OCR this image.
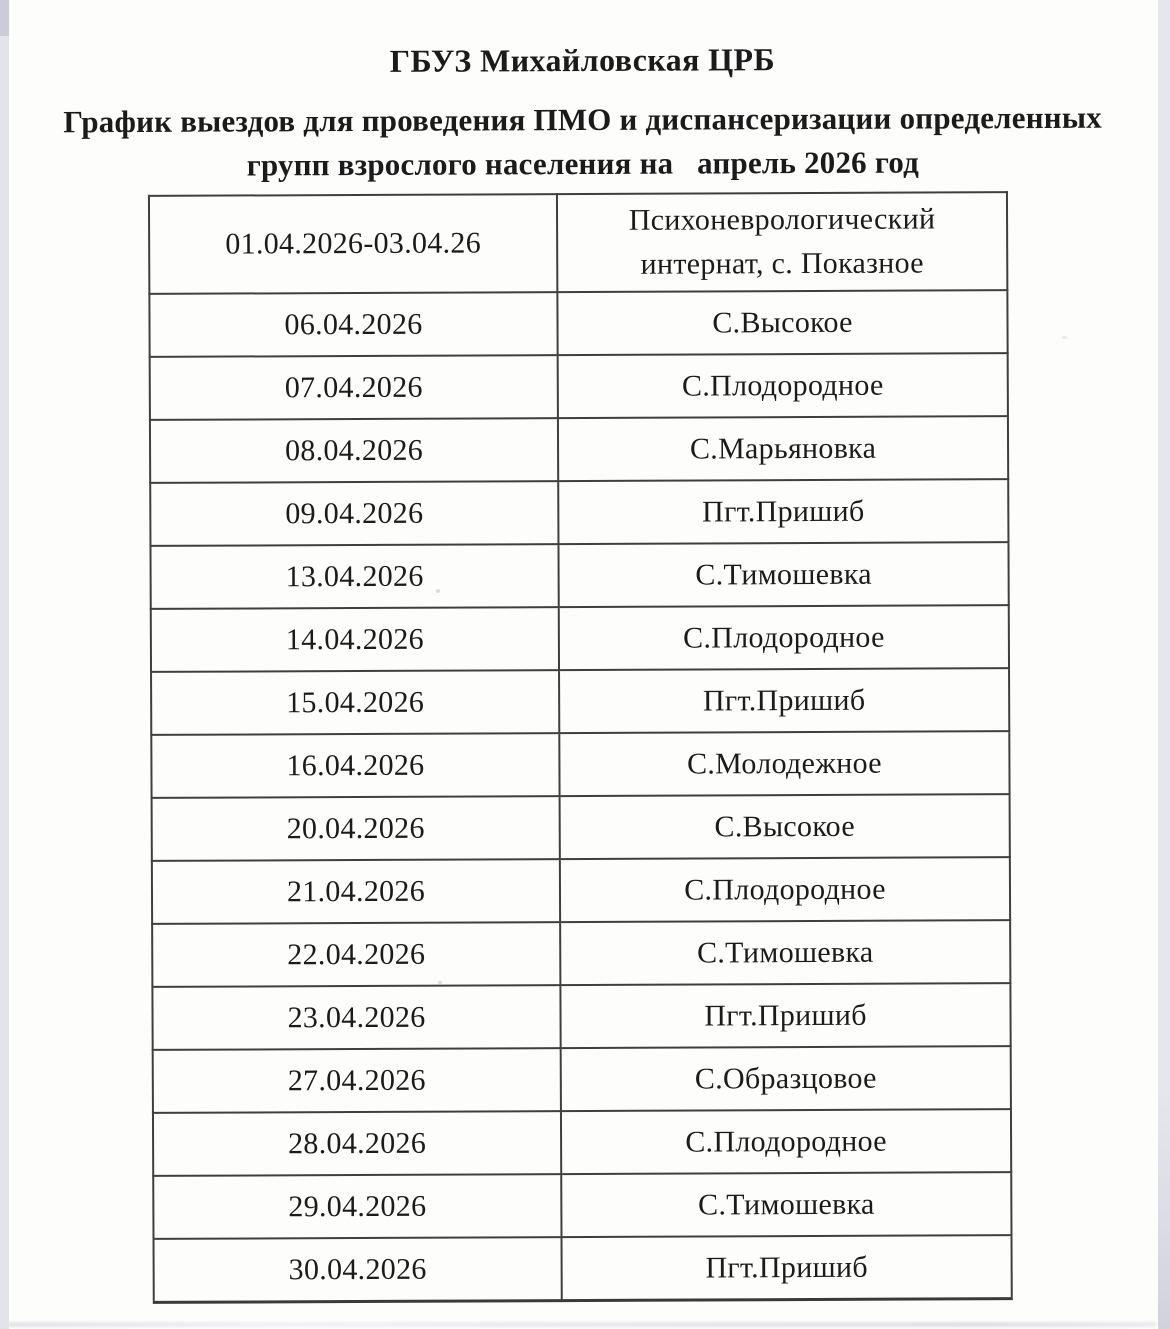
ГБУЗ Михайловская ЦРБ
График выездов для проведения ПМО и диспансеризации определенных
групп взрослого населения на   апрель 2026 год
01.04.2026-03.04.26	Психоневрологический
интернат, с. Показное
06.04.2026	С.Высокое
07.04.2026	С.Плодородное
08.04.2026	С.Марьяновка
09.04.2026	Пгт.Пришиб
13.04.2026	С.Тимошевка
14.04.2026	С.Плодородное
15.04.2026	Пгт.Пришиб
16.04.2026	С.Молодежное
20.04.2026	С.Высокое
21.04.2026	С.Плодородное
22.04.2026	С.Тимошевка
23.04.2026	Пгт.Пришиб
27.04.2026	С.Образцовое
28.04.2026	С.Плодородное
29.04.2026	С.Тимошевка
30.04.2026	Пгт.Пришиб
